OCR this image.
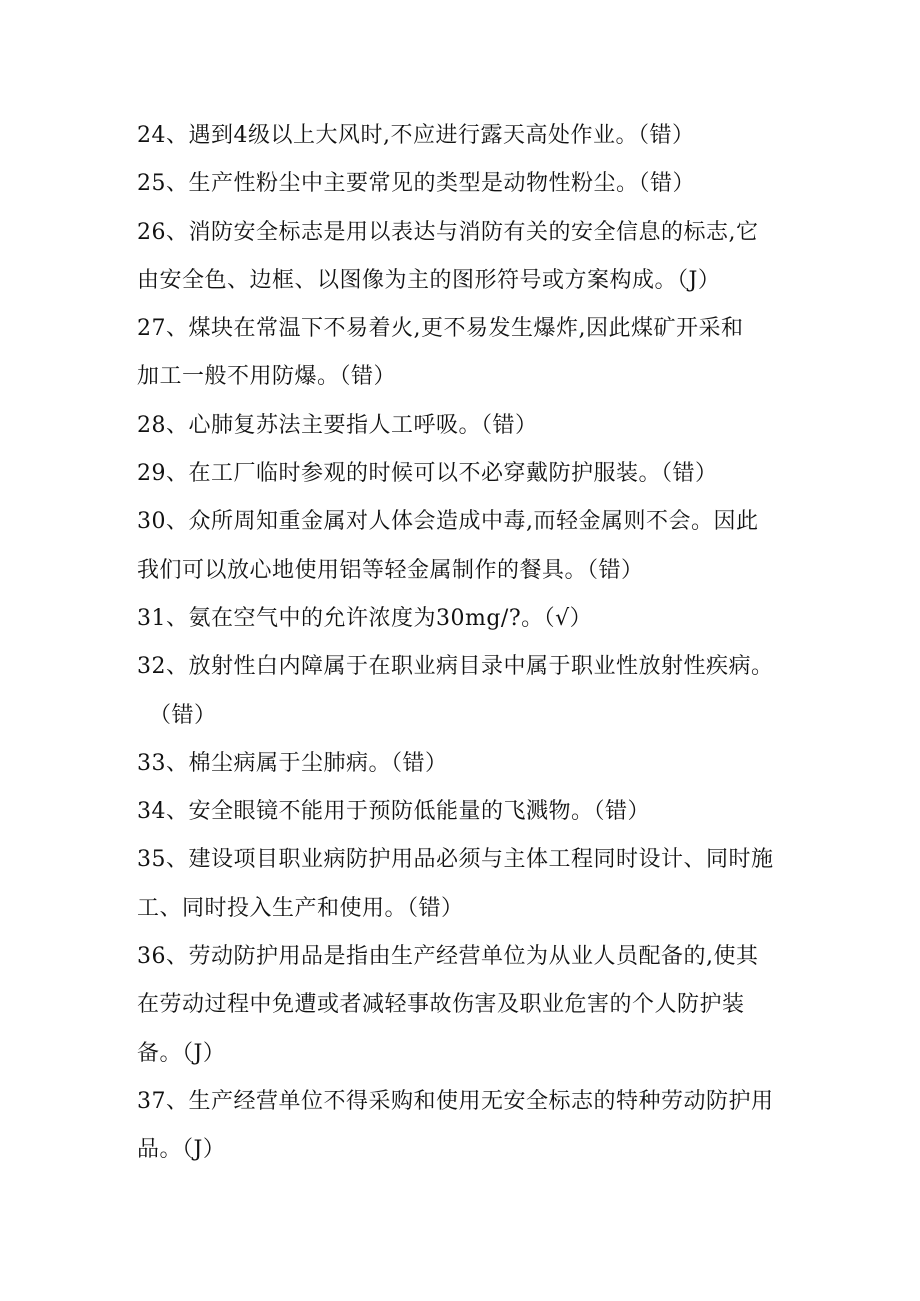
24、遇到4级以上大风时,不应进行露天高处作业。（错）
25、生产性粉尘中主要常见的类型是动物性粉尘。（错）
26、消防安全标志是用以表达与消防有关的安全信息的标志,它
由安全色、边框、以图像为主的图形符号或方案构成。（J）
27、煤块在常温下不易着火,更不易发生爆炸,因此煤矿开采和
加工一般不用防爆。（错）
28、心肺复苏法主要指人工呼吸。（错）
29、在工厂临时参观的时候可以不必穿戴防护服装。（错）
30、众所周知重金属对人体会造成中毒,而轻金属则不会。因此
我们可以放心地使用铝等轻金属制作的餐具。（错）
31、氨在空气中的允许浓度为30mg/?。（√）
32、放射性白内障属于在职业病目录中属于职业性放射性疾病。
（错）
33、棉尘病属于尘肺病。（错）
34、安全眼镜不能用于预防低能量的飞溅物。（错）
35、建设项目职业病防护用品必须与主体工程同时设计、同时施
工、同时投入生产和使用。（错）
36、劳动防护用品是指由生产经营单位为从业人员配备的,使其
在劳动过程中免遭或者减轻事故伤害及职业危害的个人防护装
备。（J）
37、生产经营单位不得采购和使用无安全标志的特种劳动防护用
品。（J）
